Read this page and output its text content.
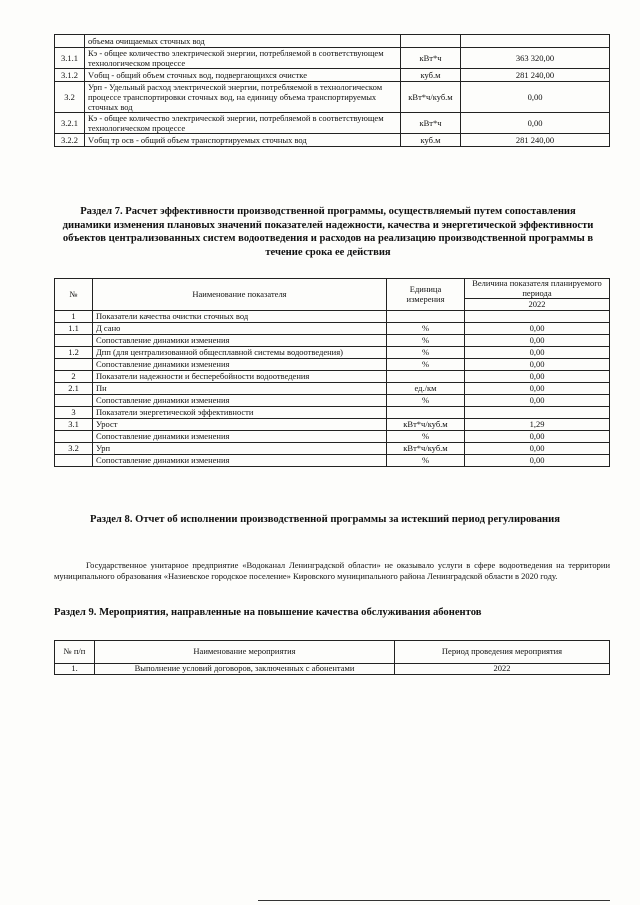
	объема очищаемых сточных вод		
3.1.1	Кэ - общее количество электрической энергии, потребляемой в соответствующем технологическом процессе	кВт*ч	363 320,00
3.1.2	Vобщ - общий объем сточных вод, подвергающихся очистке	куб.м	281 240,00
3.2	Урп - Удельный расход электрической энергии, потребляемой в технологическом процессе транспортировки сточных вод, на единицу объема транспортируемых сточных вод	кВт*ч/куб.м	0,00
3.2.1	Кэ - общее количество электрической энергии, потребляемой в соответствующем технологическом процессе	кВт*ч	0,00
3.2.2	Vобщ тр осв - общий объем транспортируемых сточных вод	куб.м	281 240,00
Раздел 7. Расчет эффективности производственной программы, осуществляемый путем сопоставления динамики изменения плановых значений показателей надежности, качества и энергетической эффективности объектов централизованных систем водоотведения и расходов на реализацию производственной программы в течение срока ее действия
№	Наименование показателя	Единица измерения	Величина показателя планируемого периода
			2022
1	Показатели качества очистки сточных вод		
1.1	Д сано	%	0,00
	Сопоставление динамики изменения	%	0,00
1.2	Дпп (для централизованной общесплавной системы водоотведения)	%	0,00
	Сопоставление динамики изменения	%	0,00
2	Показатели надежности и бесперебойности водоотведения		0,00
2.1	Пн	ед./км	0,00
	Сопоставление динамики изменения	%	0,00
3	Показатели энергетической эффективности		
3.1	Урост	кВт*ч/куб.м	1,29
	Сопоставление динамики изменения	%	0,00
3.2	Урп	кВт*ч/куб.м	0,00
	Сопоставление динамики изменения	%	0,00
Раздел 8. Отчет об исполнении производственной программы за истекший период регулирования
Государственное унитарное предприятие «Водоканал Ленинградской области» не оказывало услуги в сфере водоотведения на территории муниципального образования «Назиевское городское поселение» Кировского муниципального района Ленинградской области в 2020 году.
Раздел 9. Мероприятия, направленные на повышение качества обслуживания абонентов
№ п/п	Наименование мероприятия	Период проведения мероприятия
1.	Выполнение условий договоров, заключенных с абонентами	2022
